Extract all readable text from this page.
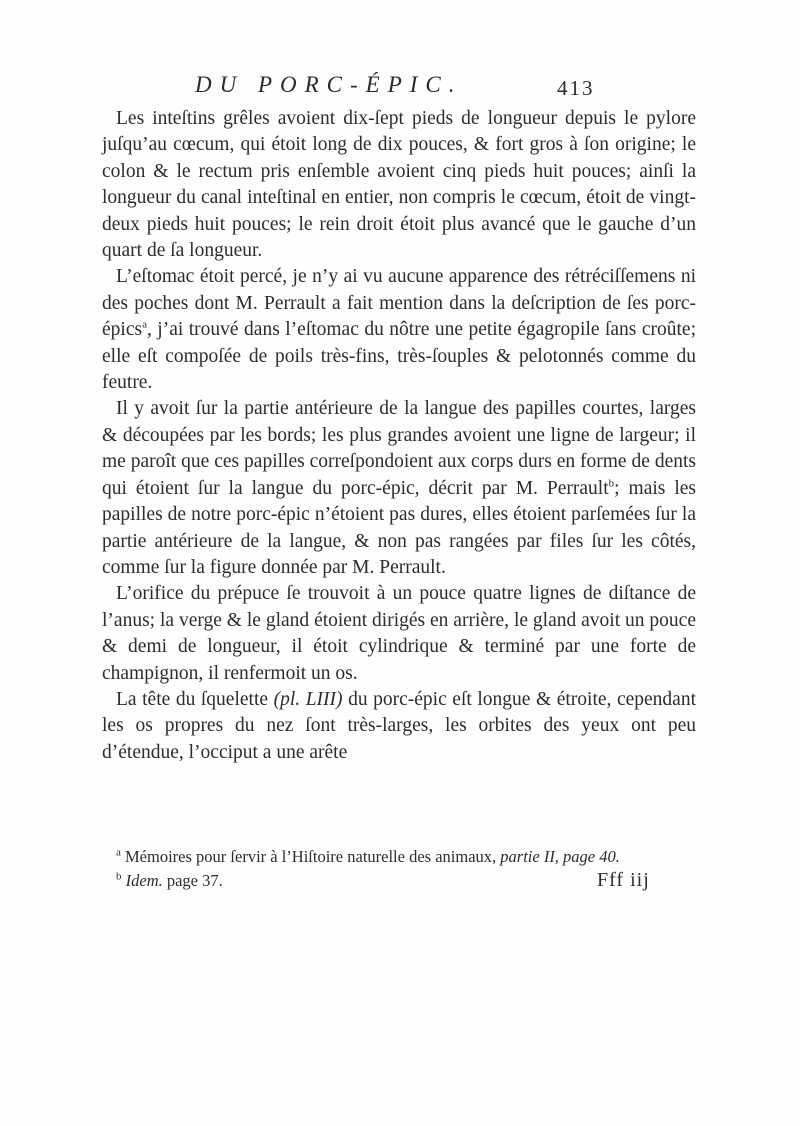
DU PORC-ÉPIC.	413

Les inteſtins grêles avoient dix-ſept pieds de longueur depuis le pylore juſqu’au cœcum, qui étoit long de dix pouces, & fort gros à ſon origine; le colon & le rectum pris enſemble avoient cinq pieds huit pouces; ainſi la longueur du canal inteſtinal en entier, non compris le cœcum, étoit de vingt-deux pieds huit pouces; le rein droit étoit plus avancé que le gauche d’un quart de ſa longueur.

L’eſtomac étoit percé, je n’y ai vu aucune apparence des rétréciſſemens ni des poches dont M. Perrault a fait mention dans la deſcription de ſes porc-épics$^a$, j’ai trouvé dans l’eſtomac du nôtre une petite égagropile ſans croûte; elle eſt compoſée de poils très-fins, très-ſouples & pelotonnés comme du feutre.

Il y avoit ſur la partie antérieure de la langue des papilles courtes, larges & découpées par les bords; les plus grandes avoient une ligne de largeur; il me paroît que ces papilles correſpondoient aux corps durs en forme de dents qui étoient ſur la langue du porc-épic, décrit par M. Perrault$^b$; mais les papilles de notre porc-épic n’étoient pas dures, elles étoient parſemées ſur la partie antérieure de la langue, & non pas rangées par files ſur les côtés, comme ſur la figure donnée par M. Perrault.

L’orifice du prépuce ſe trouvoit à un pouce quatre lignes de diſtance de l’anus; la verge & le gland étoient dirigés en arrière, le gland avoit un pouce & demi de longueur, il étoit cylindrique & terminé par une forte de champignon, il renfermoit un os.

La tête du ſquelette (pl. LIII) du porc-épic eſt longue & étroite, cependant les os propres du nez ſont très-larges, les orbites des yeux ont peu d’étendue, l’occiput a une arête

$^a$ Mémoires pour ſervir à l’Hiſtoire naturelle des animaux, partie II, page 40.

$^b$ Idem. page 37.	Fff iij
